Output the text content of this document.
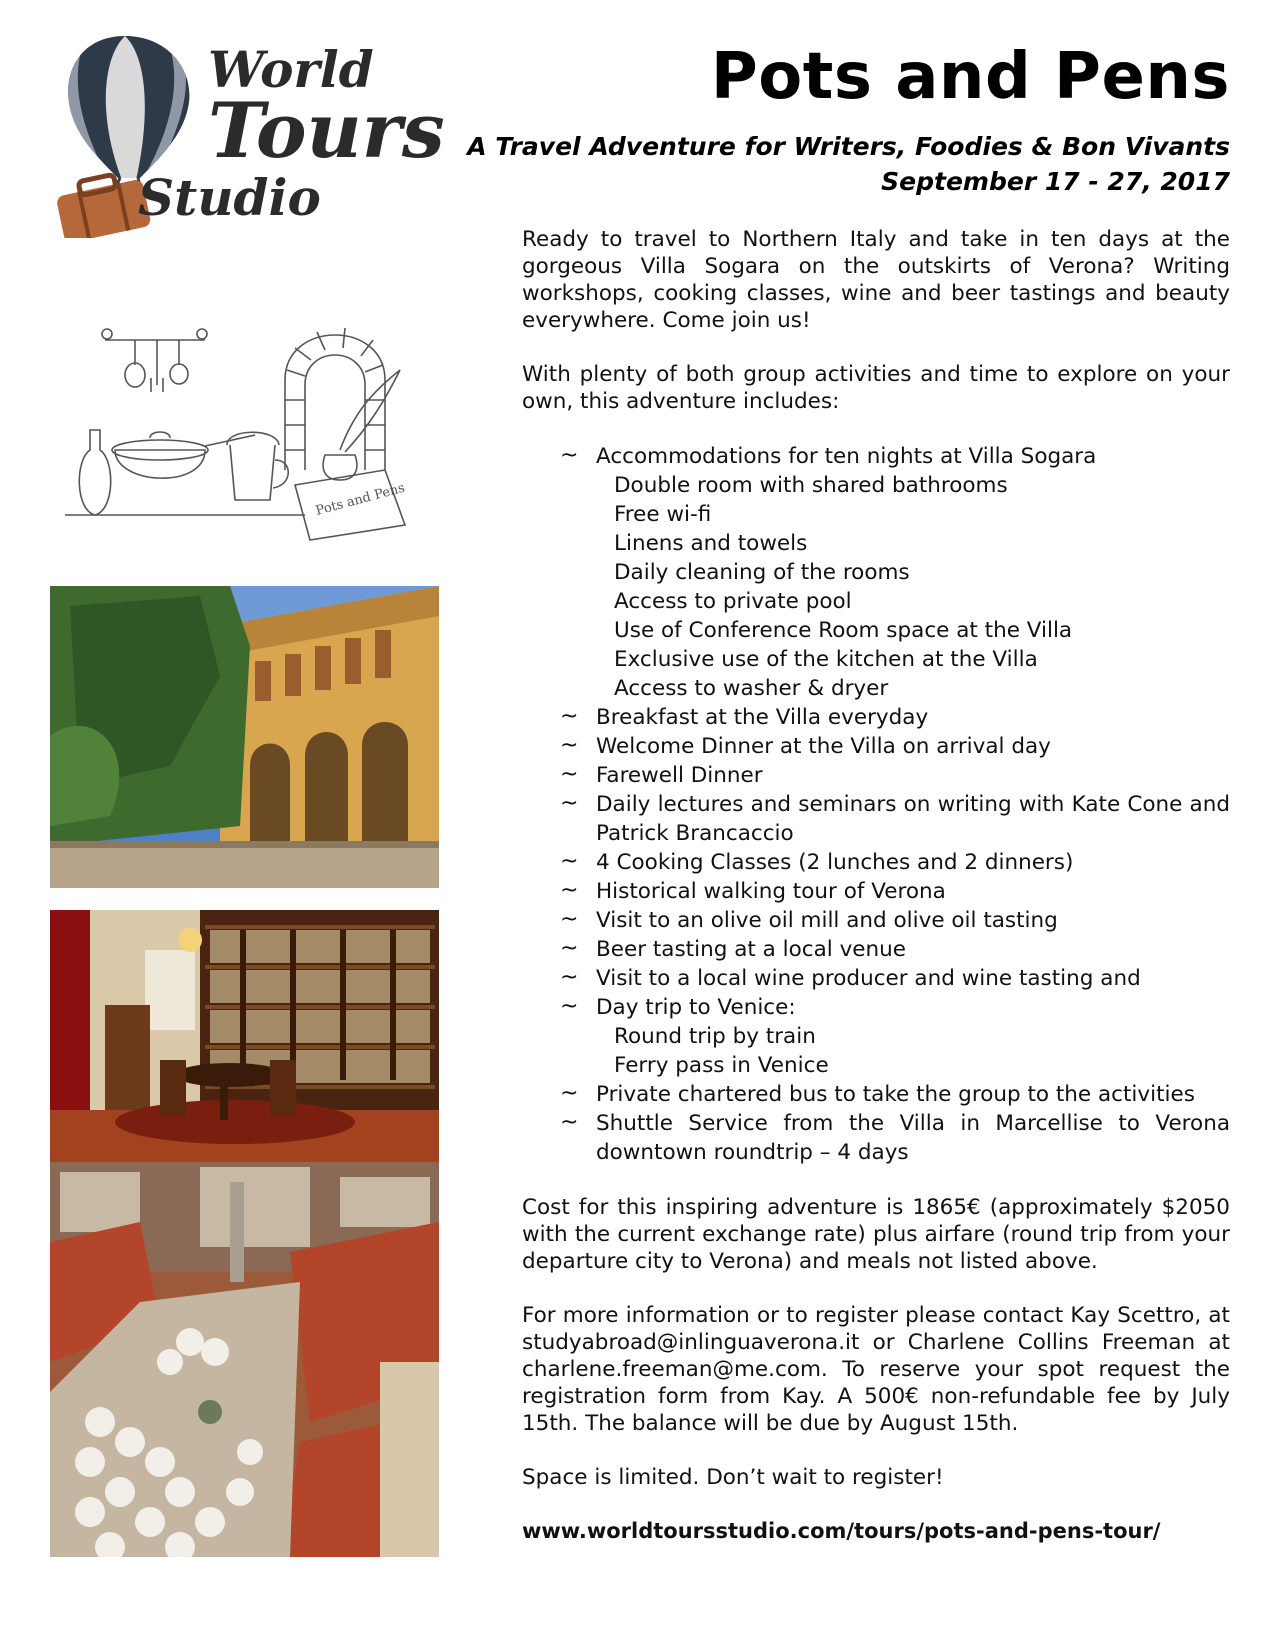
World
Tours
Studio
Pots and Pens
Pots and Pens

A Travel Adventure for Writers, Foodies & Bon Vivants

September 17 - 27, 2017

Ready to travel to Northern Italy and take in ten days at the gorgeous Villa Sogara on the outskirts of Verona? Writing workshops, cooking classes, wine and beer tastings and beauty everywhere. Come join us!

With plenty of both group activities and time to explore on your own, this adventure includes:

~ Accommodations for ten nights at Villa Sogara
Double room with shared bathrooms
Free wi-fi
Linens and towels
Daily cleaning of the rooms
Access to private pool
Use of Conference Room space at the Villa
Exclusive use of the kitchen at the Villa
Access to washer & dryer
~ Breakfast at the Villa everyday
~ Welcome Dinner at the Villa on arrival day
~ Farewell Dinner
~ Daily lectures and seminars on writing with Kate Cone and Patrick Brancaccio
~ 4 Cooking Classes (2 lunches and 2 dinners)
~ Historical walking tour of Verona
~ Visit to an olive oil mill and olive oil tasting
~ Beer tasting at a local venue
~ Visit to a local wine producer and wine tasting and
~ Day trip to Venice:
Round trip by train
Ferry pass in Venice
~ Private chartered bus to take the group to the activities
~ Shuttle Service from the Villa in Marcellise to Verona downtown roundtrip – 4 days

Cost for this inspiring adventure is 1865€ (approximately $2050 with the current exchange rate) plus airfare (round trip from your departure city to Verona) and meals not listed above.

For more information or to register please contact Kay Scettro, at studyabroad@inlinguaverona.it or Charlene Collins Freeman at charlene.freeman@me.com. To reserve your spot request the registration form from Kay. A 500€ non-refundable fee by July 15th. The balance will be due by August 15th.

Space is limited. Don’t wait to register!

www.worldtoursstudio.com/tours/pots-and-pens-tour/
